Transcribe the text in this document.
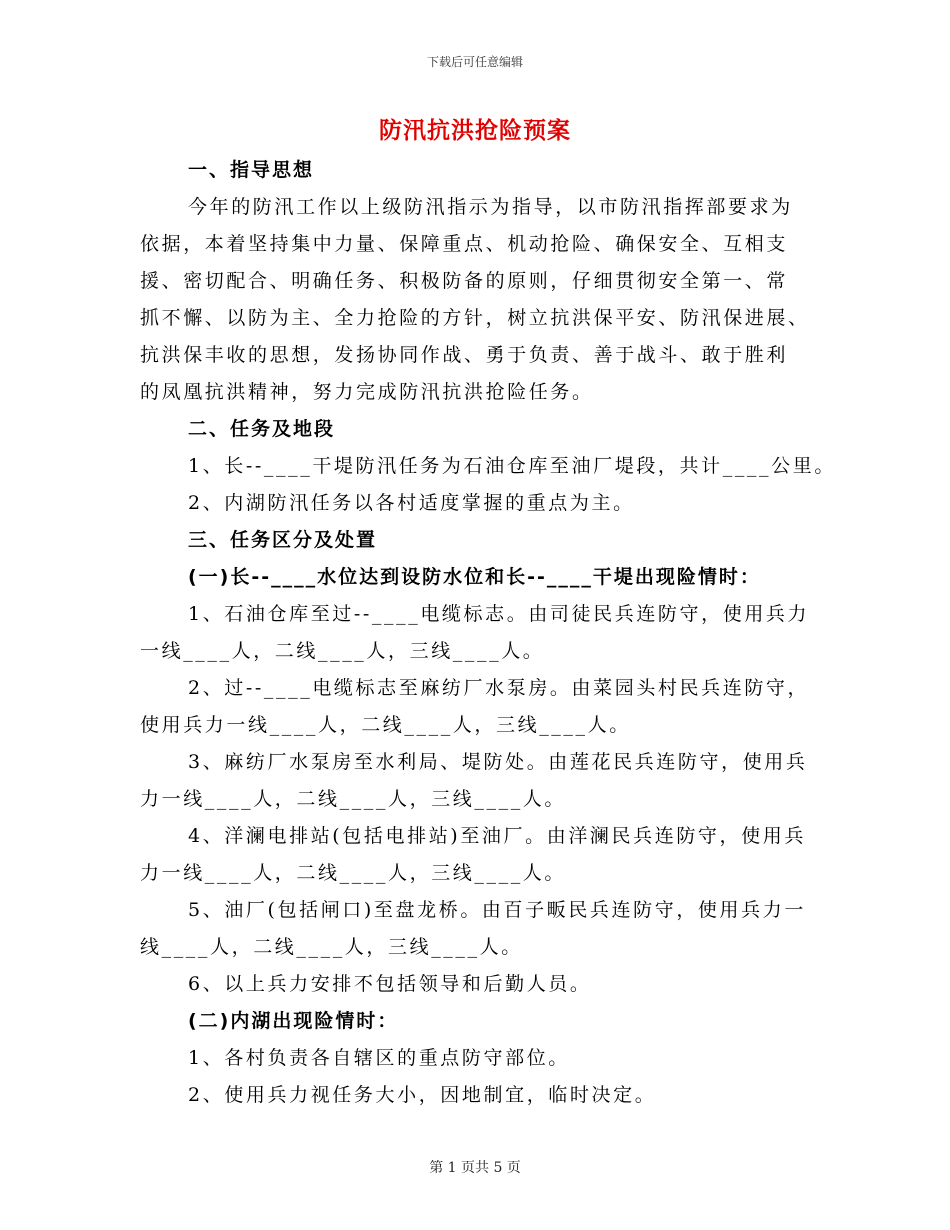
下载后可任意编辑
防汛抗洪抢险预案
一、指导思想
今年的防汛工作以上级防汛指示为指导，以市防汛指挥部要求为
依据，本着坚持集中力量、保障重点、机动抢险、确保安全、互相支
援、密切配合、明确任务、积极防备的原则，仔细贯彻安全第一、常
抓不懈、以防为主、全力抢险的方针，树立抗洪保平安、防汛保进展、
抗洪保丰收的思想，发扬协同作战、勇于负责、善于战斗、敢于胜利
的凤凰抗洪精神，努力完成防汛抗洪抢险任务。
二、任务及地段
1、长--____干堤防汛任务为石油仓库至油厂堤段，共计____公里。
2、内湖防汛任务以各村适度掌握的重点为主。
三、任务区分及处置
(一)长--____水位达到设防水位和长--____干堤出现险情时：
1、石油仓库至过--____电缆标志。由司徒民兵连防守，使用兵力
一线____人，二线____人，三线____人。
2、过--____电缆标志至麻纺厂水泵房。由菜园头村民兵连防守，
使用兵力一线____人，二线____人，三线____人。
3、麻纺厂水泵房至水利局、堤防处。由莲花民兵连防守，使用兵
力一线____人，二线____人，三线____人。
4、洋澜电排站(包括电排站)至油厂。由洋澜民兵连防守，使用兵
力一线____人，二线____人，三线____人。
5、油厂(包括闸口)至盘龙桥。由百子畈民兵连防守，使用兵力一
线____人，二线____人，三线____人。
6、以上兵力安排不包括领导和后勤人员。
(二)内湖出现险情时：
1、各村负责各自辖区的重点防守部位。
2、使用兵力视任务大小，因地制宜，临时决定。
第 1 页共 5 页
